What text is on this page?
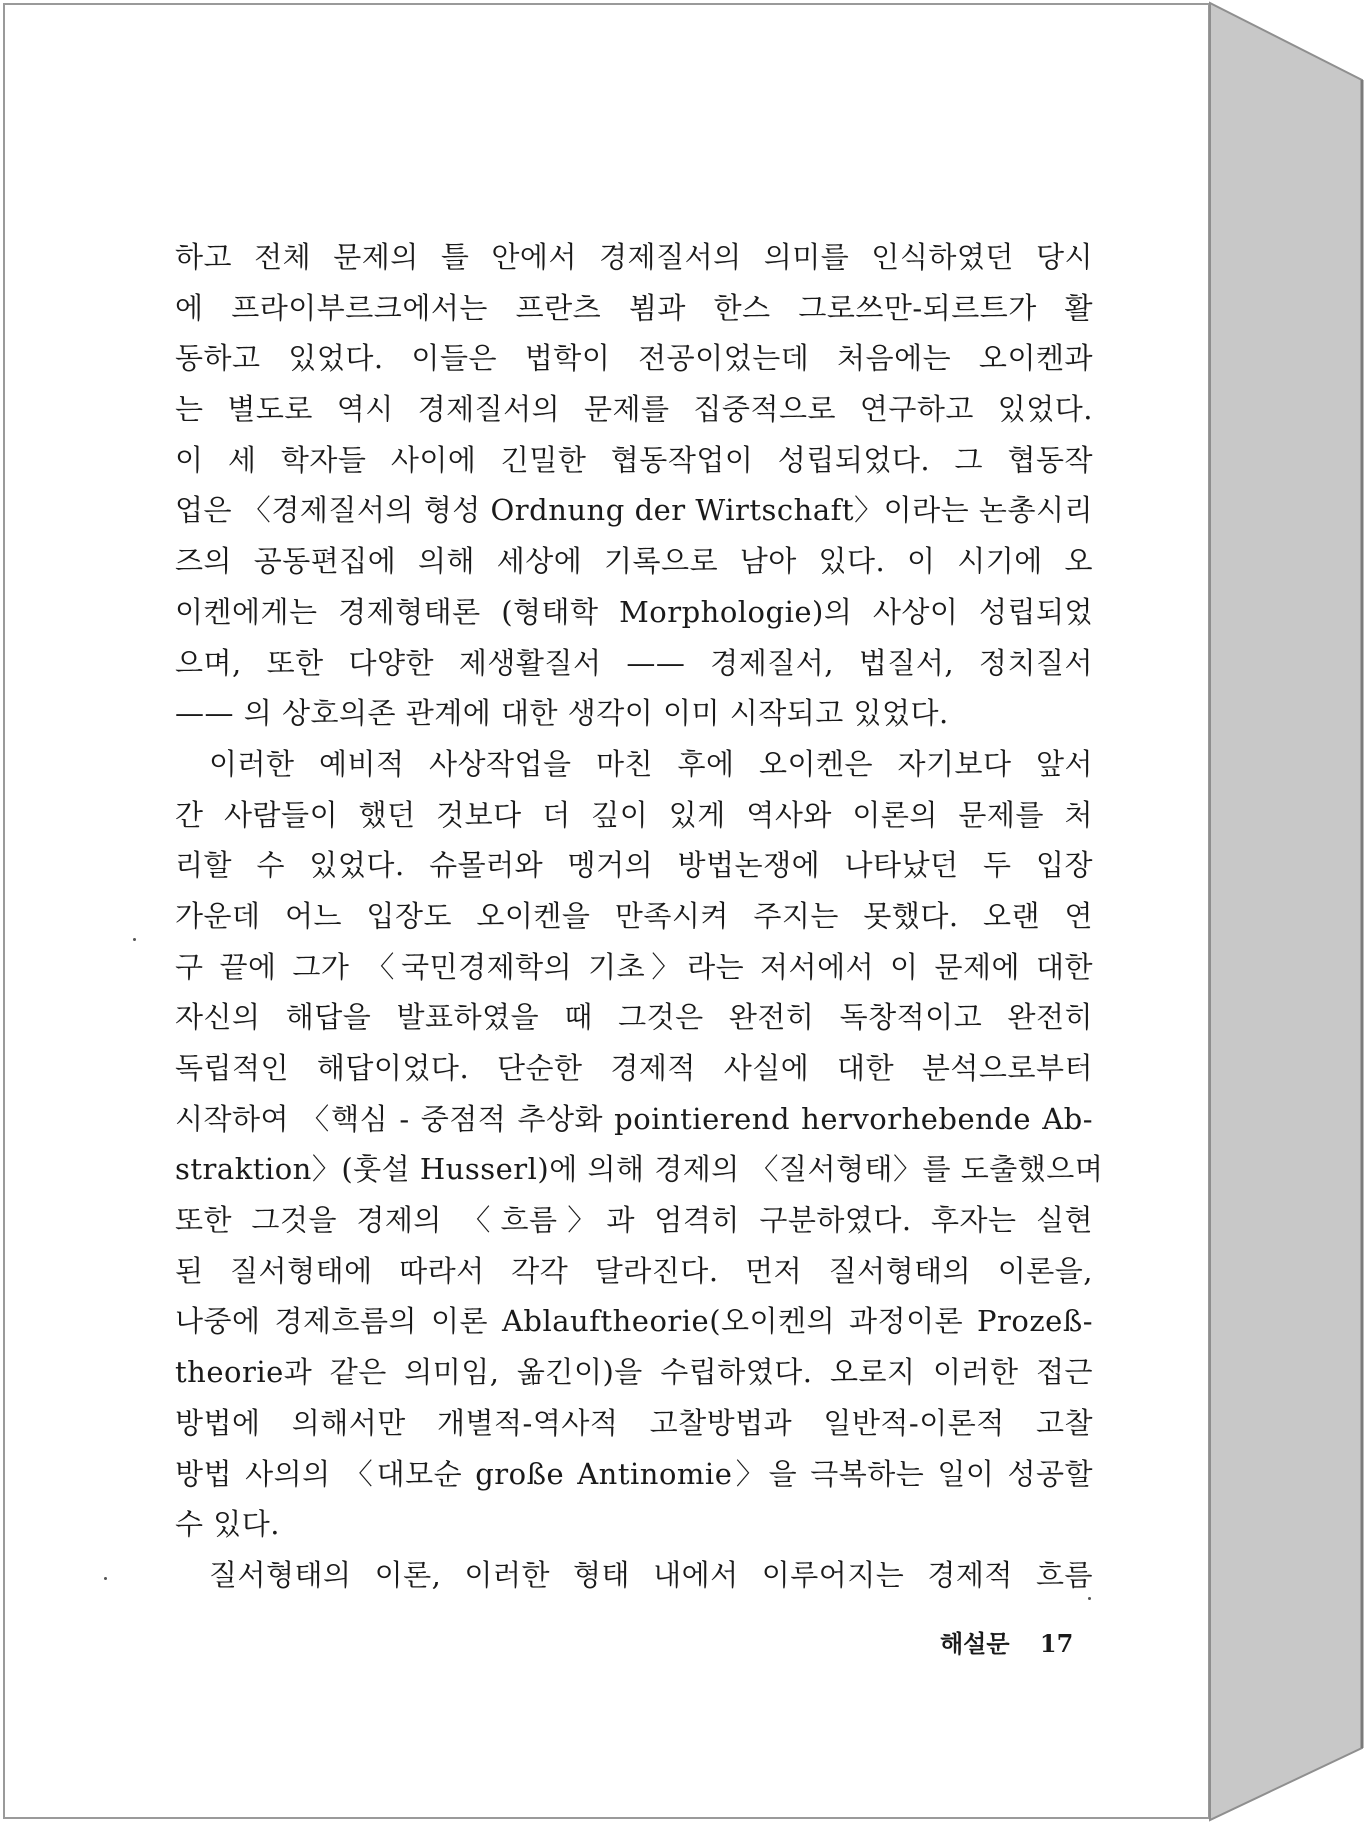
하고 전체 문제의 틀 안에서 경제질서의 의미를 인식하였던 당시
에 프라이부르크에서는 프란츠 뵘과 한스 그로쓰만-되르트가 활
동하고 있었다. 이들은 법학이 전공이었는데 처음에는 오이켄과
는 별도로 역시 경제질서의 문제를 집중적으로 연구하고 있었다.
이 세 학자들 사이에 긴밀한 협동작업이 성립되었다. 그 협동작
업은 〈경제질서의 형성 Ordnung der Wirtschaft〉이라는 논총시리
즈의 공동편집에 의해 세상에 기록으로 남아 있다. 이 시기에 오
이켄에게는 경제형태론 (형태학 Morphologie)의 사상이 성립되었
으며, 또한 다양한 제생활질서 —— 경제질서, 법질서, 정치질서
—— 의 상호의존 관계에 대한 생각이 이미 시작되고 있었다.
이러한 예비적 사상작업을 마친 후에 오이켄은 자기보다 앞서
간 사람들이 했던 것보다 더 깊이 있게 역사와 이론의 문제를 처
리할 수 있었다. 슈몰러와 멩거의 방법논쟁에 나타났던 두 입장
가운데 어느 입장도 오이켄을 만족시켜 주지는 못했다. 오랜 연
구 끝에 그가 〈국민경제학의 기초〉라는 저서에서 이 문제에 대한
자신의 해답을 발표하였을 때 그것은 완전히 독창적이고 완전히
독립적인 해답이었다. 단순한 경제적 사실에 대한 분석으로부터
시작하여 〈핵심 - 중점적 추상화 pointierend hervorhebende Ab-
straktion〉(훗설 Husserl)에 의해 경제의 〈질서형태〉를 도출했으며
또한 그것을 경제의 〈흐름〉과 엄격히 구분하였다. 후자는 실현
된 질서형태에 따라서 각각 달라진다. 먼저 질서형태의 이론을,
나중에 경제흐름의 이론 Ablauftheorie(오이켄의 과정이론 Prozeß-
theorie과 같은 의미임, 옮긴이)을 수립하였다. 오로지 이러한 접근
방법에 의해서만 개별적-역사적 고찰방법과 일반적-이론적 고찰
방법 사의의 〈대모순 große Antinomie〉을 극복하는 일이 성공할
수 있다.
질서형태의 이론, 이러한 형태 내에서 이루어지는 경제적 흐름
해설문 17
